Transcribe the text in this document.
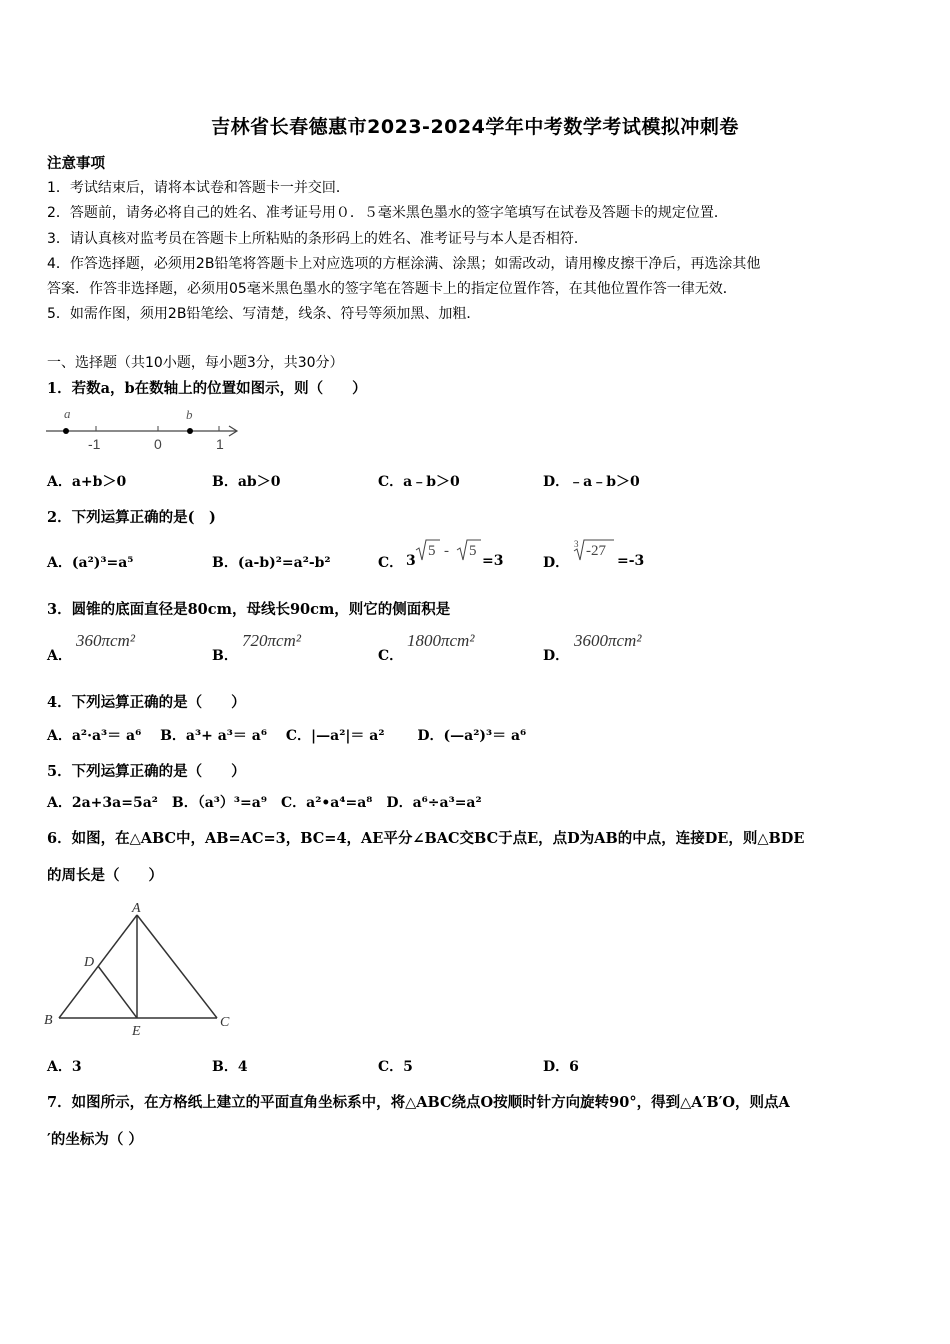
吉林省长春德惠市2023-2024学年中考数学考试模拟冲刺卷
注意事项
1．考试结束后，请将本试卷和答题卡一并交回．
2．答题前，请务必将自己的姓名、准考证号用０．５毫米黑色墨水的签字笔填写在试卷及答题卡的规定位置．
3．请认真核对监考员在答题卡上所粘贴的条形码上的姓名、准考证号与本人是否相符．
4．作答选择题，必须用2B铅笔将答题卡上对应选项的方框涂满、涂黑；如需改动，请用橡皮擦干净后，再选涂其他
答案．作答非选择题，必须用05毫米黑色墨水的签字笔在答题卡上的指定位置作答，在其他位置作答一律无效．
5．如需作图，须用2B铅笔绘、写清楚，线条、符号等须加黑、加粗．
一、选择题（共10小题，每小题3分，共30分）
1．若数a，b在数轴上的位置如图示，则（　　）
a	b
-1	0	1
A．a+b＞0	B．ab＞0	C．a﹣b＞0	D．﹣a﹣b＞0
2．下列运算正确的是(　)
A．(a²)³=a⁵	B．(a-b)²=a²-b²	C． 3
5 - 5
=3	D．
3 -27
=-3
3．圆锥的底面直径是80cm，母线长90cm，则它的侧面积是
A．
360πcm²
B．
720πcm²
C．
1800πcm²
D．
3600πcm²
4．下列运算正确的是（　　）
A．a²·a³＝ a⁶　 B．a³+ a³＝ a⁶　 C．|—a²|＝ a²　　 D．(—a²)³＝ a⁶
5．下列运算正确的是（　　）
A．2a+3a=5a²　B．（a³）³=a⁹　C．a²•a⁴=a⁸　D．a⁶÷a³=a²
6．如图，在△ABC中，AB=AC=3，BC=4，AE平分∠BAC交BC于点E，点D为AB的中点，连接DE，则△BDE
的周长是（　　）
A
B	C
D
E
A．3	B．4	C．5	D．6
7．如图所示，在方格纸上建立的平面直角坐标系中，将△ABC绕点O按顺时针方向旋转90°，得到△A′B′O，则点A
′的坐标为（ ）
